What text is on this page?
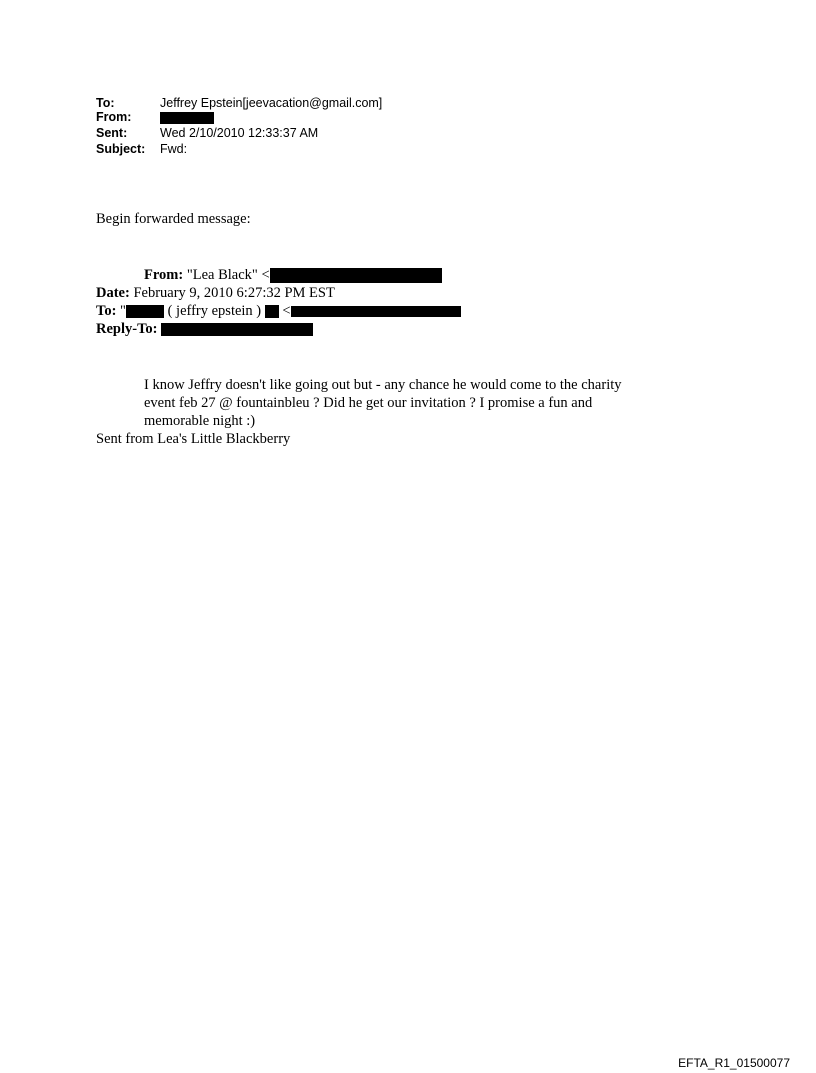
To:	Jeffrey Epstein[jeevacation@gmail.com]
From:
Sent:	Wed 2/10/2010 12:33:37 AM
Subject: Fwd:
Begin forwarded message:
From: "Lea Black" <
Date: February 9, 2010 6:27:32 PM EST
To: "	( jeffry epstein ) <
Reply-To:
I know Jeffry doesn't like going out but - any chance he would come to the charity
event feb 27 @ fountainbleu ? Did he get our invitation ? I promise a fun and
memorable night :)
Sent from Lea's Little Blackberry
EFTA_R1_01500077
